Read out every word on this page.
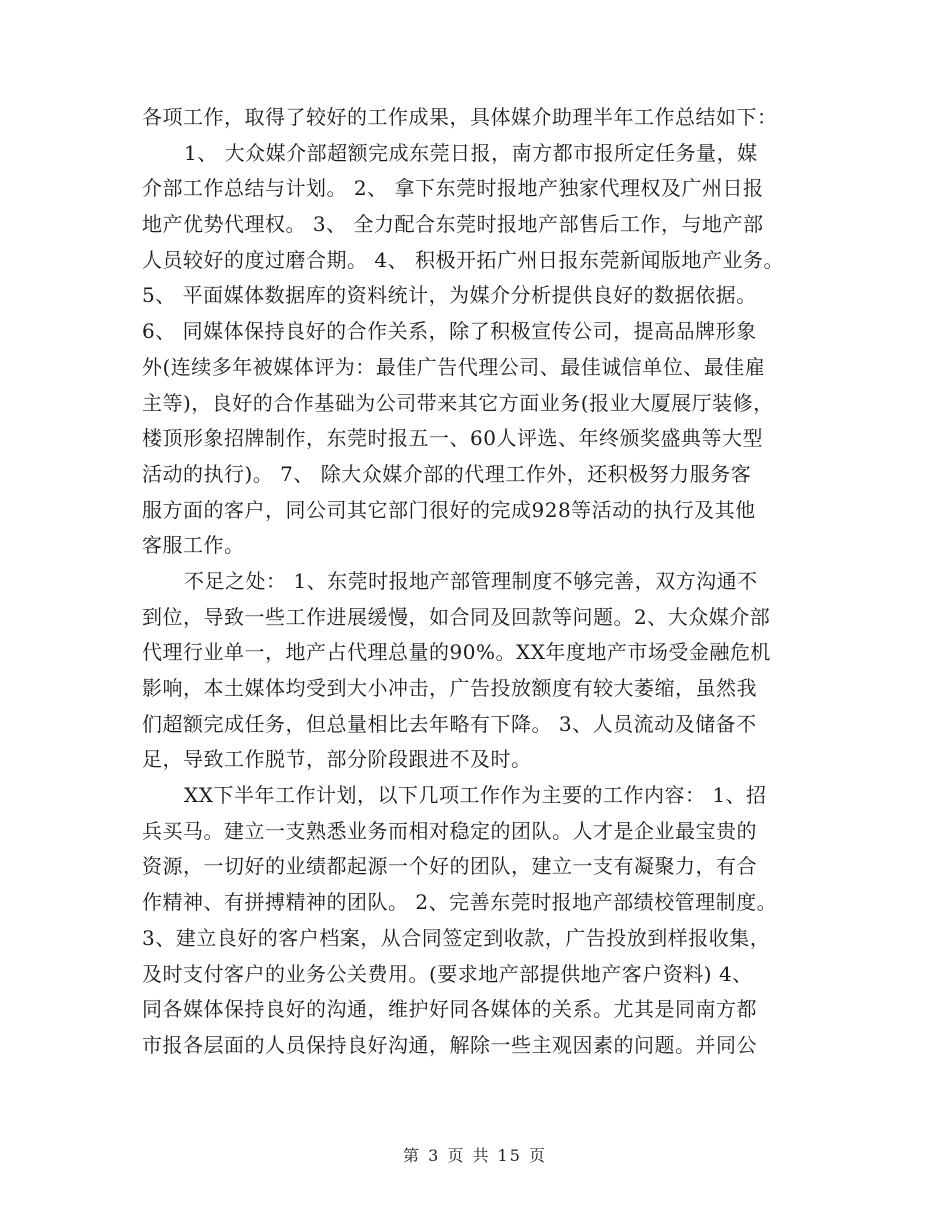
各项工作，取得了较好的工作成果，具体媒介助理半年工作总结如下：
1、 大众媒介部超额完成东莞日报，南方都市报所定任务量，媒
介部工作总结与计划。 2、 拿下东莞时报地产独家代理权及广州日报
地产优势代理权。 3、 全力配合东莞时报地产部售后工作，与地产部
人员较好的度过磨合期。 4、 积极开拓广州日报东莞新闻版地产业务。
5、 平面媒体数据库的资料统计，为媒介分析提供良好的数据依据。
6、 同媒体保持良好的合作关系，除了积极宣传公司，提高品牌形象
外(连续多年被媒体评为：最佳广告代理公司、最佳诚信单位、最佳雇
主等)，良好的合作基础为公司带来其它方面业务(报业大厦展厅装修，
楼顶形象招牌制作，东莞时报五一、60人评选、年终颁奖盛典等大型
活动的执行)。 7、 除大众媒介部的代理工作外，还积极努力服务客
服方面的客户，同公司其它部门很好的完成928等活动的执行及其他
客服工作。
不足之处： 1、东莞时报地产部管理制度不够完善，双方沟通不
到位，导致一些工作进展缓慢，如合同及回款等问题。2、大众媒介部
代理行业单一，地产占代理总量的90%。XX年度地产市场受金融危机
影响，本土媒体均受到大小冲击，广告投放额度有较大萎缩，虽然我
们超额完成任务，但总量相比去年略有下降。 3、人员流动及储备不
足，导致工作脱节，部分阶段跟进不及时。
XX下半年工作计划，以下几项工作作为主要的工作内容： 1、招
兵买马。建立一支熟悉业务而相对稳定的团队。人才是企业最宝贵的
资源，一切好的业绩都起源一个好的团队，建立一支有凝聚力，有合
作精神、有拼搏精神的团队。 2、完善东莞时报地产部绩校管理制度。
3、建立良好的客户档案，从合同签定到收款，广告投放到样报收集，
及时支付客户的业务公关费用。(要求地产部提供地产客户资料) 4、
同各媒体保持良好的沟通，维护好同各媒体的关系。尤其是同南方都
市报各层面的人员保持良好沟通，解除一些主观因素的问题。并同公
第 3 页 共 15 页
